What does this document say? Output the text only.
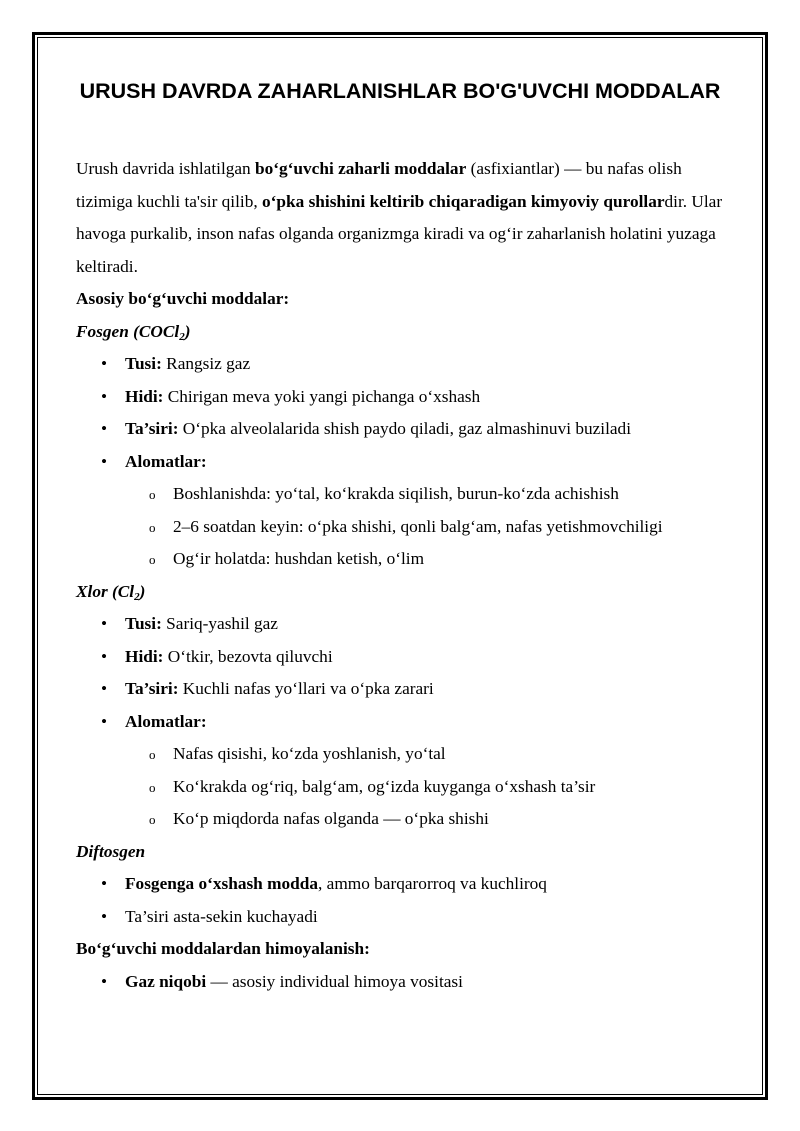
URUSH DAVRDA ZAHARLANISHLAR BO'G'UVCHI MODDALAR

Urush davrida ishlatilgan bo‘g‘uvchi zaharli moddalar (asfixiantlar) — bu nafas olish tizimiga kuchli ta'sir qilib, o‘pka shishini keltirib chiqaradigan kimyoviy qurollardir. Ular havoga purkalib, inson nafas olganda organizmga kiradi va og‘ir zaharlanish holatini yuzaga keltiradi.

Asosiy bo‘g‘uvchi moddalar:

Fosgen (COCl$_2$)

• Tusi: Rangsiz gaz
• Hidi: Chirigan meva yoki yangi pichanga o‘xshash
• Ta’siri: O‘pka alveolalarida shish paydo qiladi, gaz almashinuvi buziladi
• Alomatlar:
o Boshlanishda: yo‘tal, ko‘krakda siqilish, burun-ko‘zda achishish
o 2–6 soatdan keyin: o‘pka shishi, qonli balg‘am, nafas yetishmovchiligi
o Og‘ir holatda: hushdan ketish, o‘lim

Xlor $(Cl_2)$

• Tusi: Sariq-yashil gaz
• Hidi: O‘tkir, bezovta qiluvchi
• Ta’siri: Kuchli nafas yo‘llari va o‘pka zarari
• Alomatlar:
o Nafas qisishi, ko‘zda yoshlanish, yo‘tal
o Ko‘krakda og‘riq, balg‘am, og‘izda kuyganga o‘xshash ta’sir
o Ko‘p miqdorda nafas olganda — o‘pka shishi

Diftosgen

• Fosgenga o‘xshash modda, ammo barqarorroq va kuchliroq
• Ta’siri asta-sekin kuchayadi

Bo‘g‘uvchi moddalardan himoyalanish:

• Gaz niqobi — asosiy individual himoya vositasi
